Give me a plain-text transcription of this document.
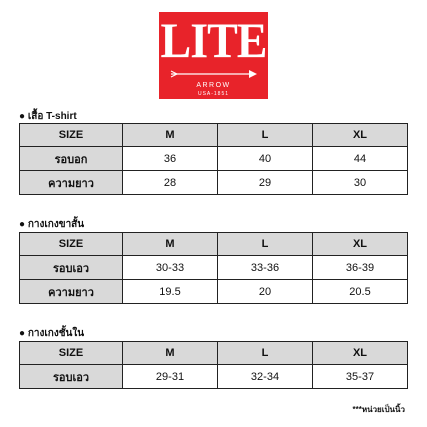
LITE
ARROW
USA-1851
● เสื้อ T-shirt
SIZE	M	L	XL
รอบอก	36	40	44
ความยาว	28	29	30
● กางเกงขาสั้น
SIZE	M	L	XL
รอบเอว	30-33	33-36	36-39
ความยาว	19.5	20	20.5
● กางเกงชั้นใน
SIZE	M	L	XL
รอบเอว	29-31	32-34	35-37
***หน่วยเป็นนิ้ว
